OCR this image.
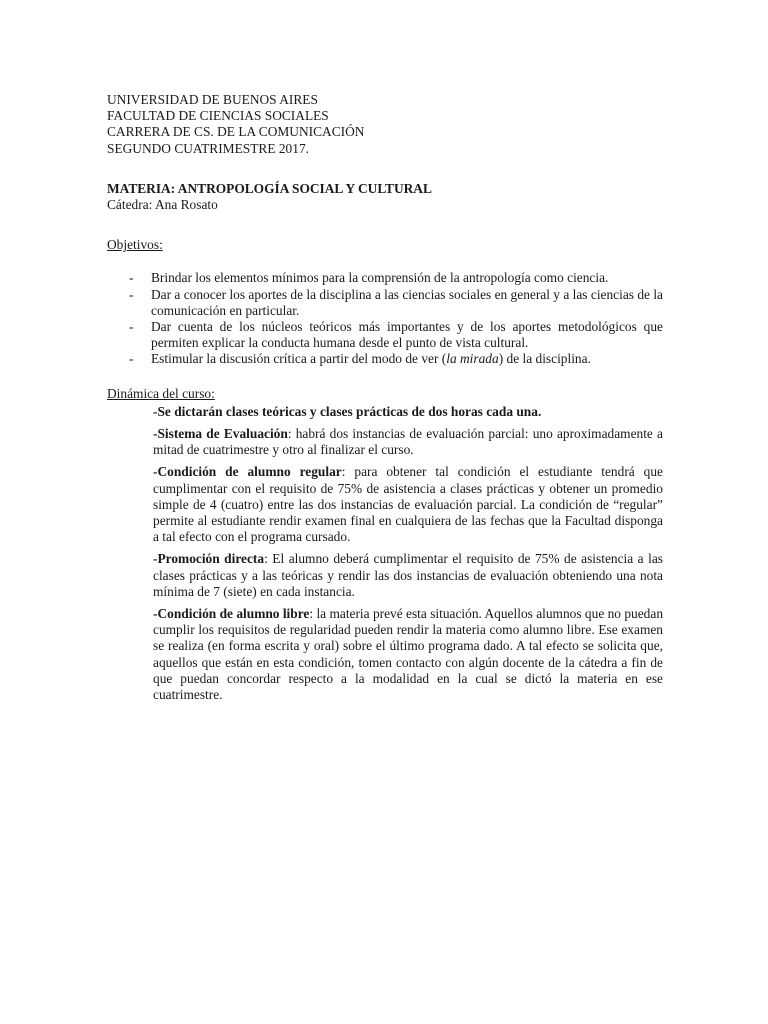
UNIVERSIDAD DE BUENOS AIRES

FACULTAD DE CIENCIAS SOCIALES

CARRERA DE CS. DE LA COMUNICACIÓN

SEGUNDO CUATRIMESTRE 2017.

MATERIA: ANTROPOLOGÍA SOCIAL Y CULTURAL

Cátedra: Ana Rosato

Objetivos:

- Brindar los elementos mínimos para la comprensión de la antropología como ciencia.
- Dar a conocer los aportes de la disciplina a las ciencias sociales en general y a las ciencias de la comunicación en particular.
- Dar cuenta de los núcleos teóricos más importantes y de los aportes metodológicos que permiten explicar la conducta humana desde el punto de vista cultural.
- Estimular la discusión crítica a partir del modo de ver (la mirada) de la disciplina.

Dinámica del curso:

-Se dictarán clases teóricas y clases prácticas de dos horas cada una.

-Sistema de Evaluación: habrá dos instancias de evaluación parcial: uno aproximadamente a mitad de cuatrimestre y otro al finalizar el curso.

-Condición de alumno regular: para obtener tal condición el estudiante tendrá que cumplimentar con el requisito de 75% de asistencia a clases prácticas y obtener un promedio simple de 4 (cuatro) entre las dos instancias de evaluación parcial. La condición de “regular” permite al estudiante rendir examen final en cualquiera de las fechas que la Facultad disponga a tal efecto con el programa cursado.

-Promoción directa: El alumno deberá cumplimentar el requisito de 75% de asistencia a las clases prácticas y a las teóricas y rendir las dos instancias de evaluación obteniendo una nota mínima de 7 (siete) en cada instancia.

-Condición de alumno libre: la materia prevé esta situación. Aquellos alumnos que no puedan cumplir los requisitos de regularidad pueden rendir la materia como alumno libre. Ese examen se realiza (en forma escrita y oral) sobre el último programa dado. A tal efecto se solicita que, aquellos que están en esta condición, tomen contacto con algún docente de la cátedra a fin de que puedan concordar respecto a la modalidad en la cual se dictó la materia en ese cuatrimestre.
